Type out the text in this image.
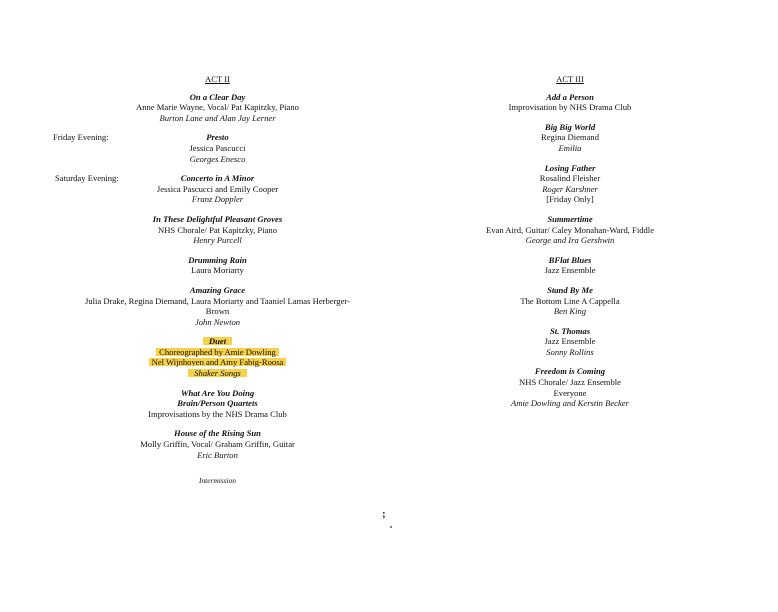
ACT II
On a Clear Day
Anne Marie Wayne, Vocal/ Pat Kapitzky, Piano
Burton Lane and Alan Jay Lerner
Friday Evening:	Presto
Jessica Pascucci
Georges Enesco
Saturday Evening:	Concerto in A Minor
Jessica Pascucci and Emily Cooper
Franz Doppler
In These Delightful Pleasant Groves
NHS Chorale/ Pat Kapitzky, Piano
Henry Purcell
Drumming Rain
Laura Moriarty
Amazing Grace
Julia Drake, Regina Diemand, Laura Moriarty and Taaniel Lamas Herberger-
Brown
John Newton
Duet
Choreographed by Amie Dowling
Nel Wijnhoven and Amy Fabig-Roosa
Shaker Songs
What Are You Doing
Brain/Person Quartets
Improvisations by the NHS Drama Club
House of the Rising Sun
Molly Griffin, Vocal/ Graham Griffin, Guitar
Eric Burton
Intermission
ACT III
Add a Person
Improvisation by NHS Drama Club
Big Big World
Regina Diemand
Emilia
Losing Father
Rosalind Fleisher
Roger Karshner
[Friday Only]
Summertime
Evan Aird, Guitar/ Caley Monahan-Ward, Fiddle
George and Ira Gershwin
BFlat Blues
Jazz Ensemble
Stand By Me
The Bottom Line A Cappella
Ben King
St. Thomas
Jazz Ensemble
Sonny Rollins
Freedom is Coming
NHS Chorale/ Jazz Ensemble
Everyone
Amie Dowling and Kerstin Becker
;
